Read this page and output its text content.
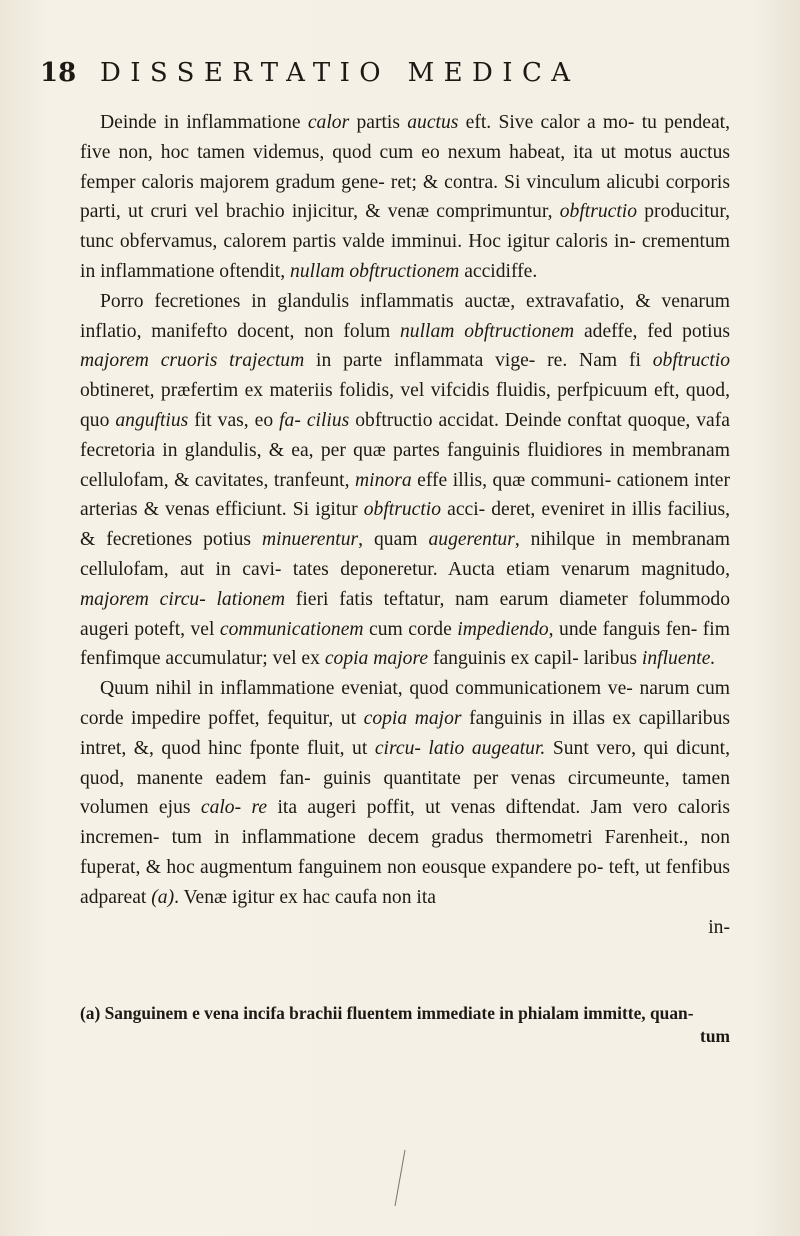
18 DISSERTATIO MEDICA

Deinde in inflammatione calor partis auctus eft. Sive calor a mo- tu pendeat, five non, hoc tamen videmus, quod cum eo nexum habeat, ita ut motus auctus femper caloris majorem gradum gene- ret; & contra. Si vinculum alicubi corporis parti, ut cruri vel brachio injicitur, & venæ comprimuntur, obftructio producitur, tunc obfervamus, calorem partis valde imminui. Hoc igitur caloris in- crementum in inflammatione oftendit, nullam obftructionem accidiffe.

Porro fecretiones in glandulis inflammatis auctæ, extravafatio, & venarum inflatio, manifefto docent, non folum nullam obftructionem adeffe, fed potius majorem cruoris trajectum in parte inflammata vige- re. Nam fi obftructio obtineret, præfertim ex materiis folidis, vel vifcidis fluidis, perfpicuum eft, quod, quo anguftius fit vas, eo fa- cilius obftructio accidat. Deinde conftat quoque, vafa fecretoria in glandulis, & ea, per quæ partes fanguinis fluidiores in membranam cellulofam, & cavitates, tranfeunt, minora effe illis, quæ communi- cationem inter arterias & venas efficiunt. Si igitur obftructio acci- deret, eveniret in illis facilius, & fecretiones potius minuerentur, quam augerentur, nihilque in membranam cellulofam, aut in cavi- tates deponeretur. Aucta etiam venarum magnitudo, majorem circu- lationem fieri fatis teftatur, nam earum diameter folummodo augeri poteft, vel communicationem cum corde impediendo, unde fanguis fen- fim fenfimque accumulatur; vel ex copia majore fanguinis ex capil- laribus influente.

Quum nihil in inflammatione eveniat, quod communicationem ve- narum cum corde impedire poffet, fequitur, ut copia major fanguinis in illas ex capillaribus intret, &, quod hinc fponte fluit, ut circu- latio augeatur. Sunt vero, qui dicunt, quod, manente eadem fan- guinis quantitate per venas circumeunte, tamen volumen ejus calo- re ita augeri poffit, ut venas diftendat. Jam vero caloris incremen- tum in inflammatione decem gradus thermometri Farenheit., non fuperat, & hoc augmentum fanguinem non eousque expandere po- teft, ut fenfibus adpareat (a). Venæ igitur ex hac caufa non ita

in-

(a) Sanguinem e vena incifa brachii fluentem immediate in phialam immitte, quan-
tum
